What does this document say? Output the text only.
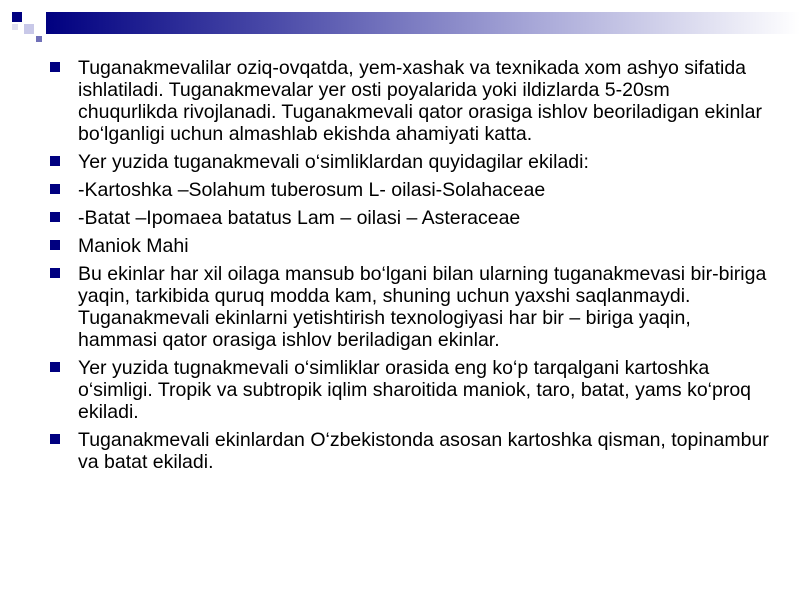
Tuganakmevalilar oziq-ovqatda, yem-xashak va texnikada xom ashyo sifatida ishlatiladi. Tuganakmevalar yer osti poyalarida yoki ildizlarda 5-20sm chuqurlikda rivojlanadi. Tuganakmevali qator orasiga ishlov beoriladigan ekinlar bo‘lganligi uchun almashlab ekishda ahamiyati katta.
Yer yuzida tuganakmevali o‘simliklardan quyidagilar ekiladi:
-Kartoshka –Solahum tuberosum L- oilasi-Solahaceae
-Batat –Ipomaea batatus Lam – oilasi – Asteraceae
Maniok Mahi
Bu ekinlar har xil oilaga mansub bo‘lgani bilan ularning tuganakmevasi bir-biriga yaqin, tarkibida quruq modda kam, shuning uchun yaxshi saqlanmaydi. Tuganakmevali ekinlarni yetishtirish texnologiyasi har bir – biriga yaqin, hammasi qator orasiga ishlov beriladigan ekinlar.
Yer yuzida tugnakmevali o‘simliklar orasida eng ko‘p tarqalgani kartoshka o‘simligi. Tropik va subtropik iqlim sharoitida maniok, taro, batat, yams ko‘proq ekiladi.
Tuganakmevali ekinlardan O‘zbekistonda asosan kartoshka qisman, topinambur va batat ekiladi.
